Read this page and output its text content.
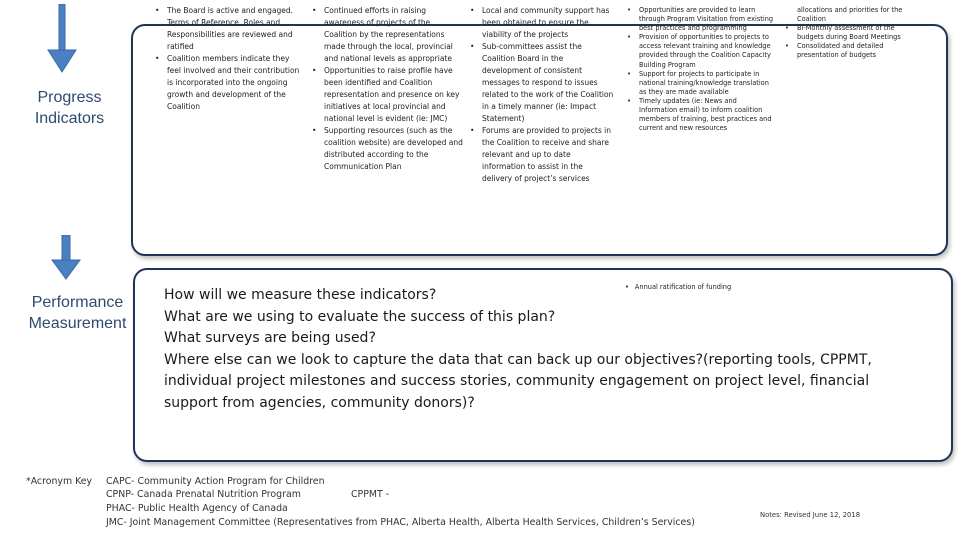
Progress
Indicators
Performance
Measurement
• The Board is active and engaged. Terms of Reference, Roles and Responsibilities are reviewed and ratified
• Coalition members indicate they feel involved and their contribution is incorporated into the ongoing growth and development of the Coalition
• Continued efforts in raising awareness of projects of the Coalition by the representations made through the local, provincial and national levels as appropriate
• Opportunities to raise profile have been identified and Coalition representation and presence on key initiatives at local provincial and national level is evident (ie: JMC)
• Supporting resources (such as the coalition website) are developed and distributed according to the Communication Plan
• Local and community support has been obtained to ensure the viability of the projects
• Sub-committees assist the Coalition Board in the development of consistent messages to respond to issues related to the work of the Coalition in a timely manner (ie: Impact Statement)
• Forums are provided to projects in the Coalition to receive and share relevant and up to date information to assist in the delivery of project’s services
• Opportunities are provided to learn through Program Visitation from existing best practices and programming
• Provision of opportunities to projects to access relevant training and knowledge provided through the Coalition Capacity Building Program
• Support for projects to participate in national training/knowledge translation as they are made available
• Timely updates (ie: News and Information email) to inform coalition members of training, best practices and current and new resources
allocations and priorities for the Coalition
• Bi-Monthly assessment of the budgets during Board Meetings
• Consolidated and detailed presentation of budgets
• Annual ratification of funding
How will we measure these indicators?
What are we using to evaluate the success of this plan?
What surveys are being used?
Where else can we look to capture the data that can back up our objectives?(reporting tools, CPPMT, individual project milestones and success stories, community engagement on project level, financial support from agencies, community donors)?
*Acronym Key CAPC- Community Action Program for Children
CPNP- Canada Prenatal Nutrition Program	CPPMT -
PHAC- Public Health Agency of Canada
JMC- Joint Management Committee (Representatives from PHAC, Alberta Health, Alberta Health Services, Children’s Services)
Notes: Revised June 12, 2018
